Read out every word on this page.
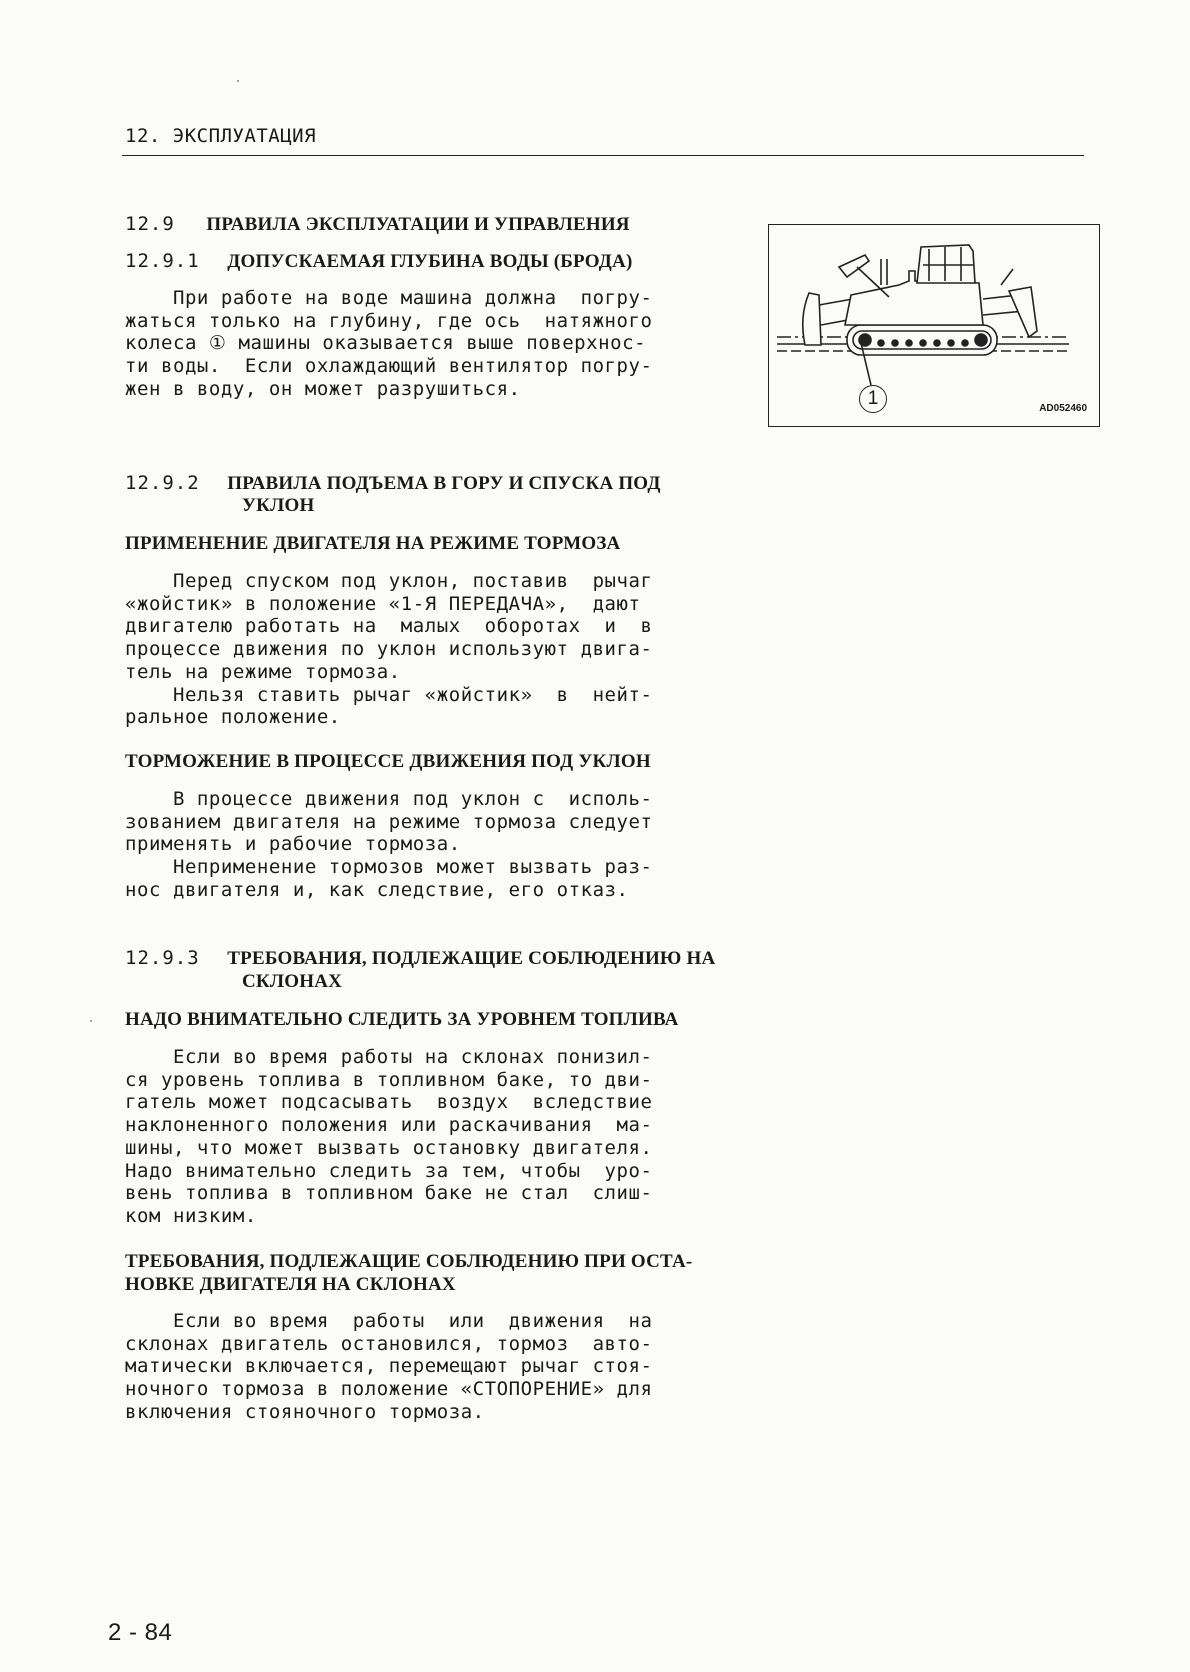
12. ЭКСПЛУАТАЦИЯ
12.9 ПРАВИЛА ЭКСПЛУАТАЦИИ И УПРАВЛЕНИЯ
12.9.1 ДОПУСКАЕМАЯ ГЛУБИНА ВОДЫ (БРОДА)
При работе на воде машина должна  погру-
жаться только на глубину, где ось  натяжного
колеса ① машины оказывается выше поверхнос-
ти воды.  Если охлаждающий вентилятор погру-
жен в воду, он может разрушиться.	1	AD052460
12.9.2 ПРАВИЛА ПОДЪЕМА В ГОРУ И СПУСКА ПОД
УКЛОН
ПРИМЕНЕНИЕ ДВИГАТЕЛЯ НА РЕЖИМЕ ТОРМОЗА
Перед спуском под уклон, поставив  рычаг
«жойстик» в положение «1-Я ПЕРЕДАЧА»,  дают
двигателю работать на  малых  оборотах  и  в
процессе движения по уклон используют двига-
тель на режиме тормоза.
Нельзя ставить рычаг «жойстик»  в  нейт-
ральное положение.
ТОРМОЖЕНИЕ В ПРОЦЕССЕ ДВИЖЕНИЯ ПОД УКЛОН
В процессе движения под уклон с  исполь-
зованием двигателя на режиме тормоза следует
применять и рабочие тормоза.
Неприменение тормозов может вызвать раз-
нос двигателя и, как следствие, его отказ.
12.9.3 ТРЕБОВАНИЯ, ПОДЛЕЖАЩИЕ СОБЛЮДЕНИЮ НА
СКЛОНАХ
НАДО ВНИМАТЕЛЬНО СЛЕДИТЬ ЗА УРОВНЕМ ТОПЛИВА
Если во время работы на склонах понизил-
ся уровень топлива в топливном баке, то дви-
гатель может подсасывать  воздух  вследствие
наклоненного положения или раскачивания  ма-
шины, что может вызвать остановку двигателя.
Надо внимательно следить за тем, чтобы  уро-
вень топлива в топливном баке не стал  слиш-
ком низким.
ТРЕБОВАНИЯ, ПОДЛЕЖАЩИЕ СОБЛЮДЕНИЮ ПРИ ОСТА-
НОВКЕ ДВИГАТЕЛЯ НА СКЛОНАХ
Если во время  работы  или  движения  на
склонах двигатель остановился, тормоз  авто-
матически включается, перемещают рычаг стоя-
ночного тормоза в положение «СТОПОРЕНИЕ» для
включения стояночного тормоза.
2 - 84
